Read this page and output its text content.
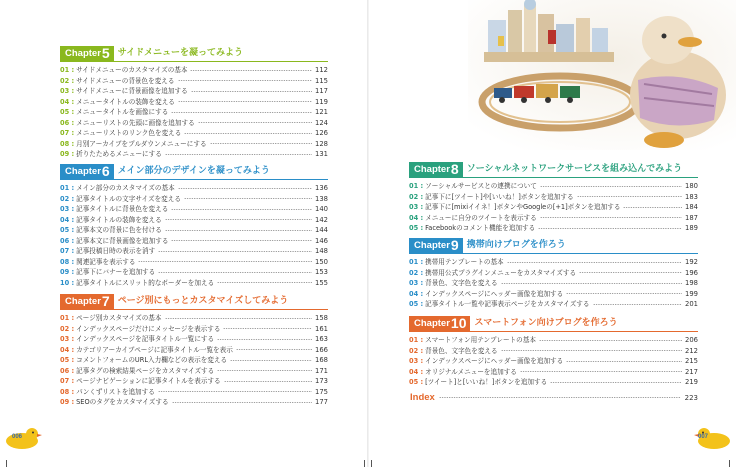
Chapter 5 サイドメニューを凝ってみよう
01 : サイドメニューのカスタマイズの基本	112
02 : サイドメニューの背景色を変える	115
03 : サイドメニューに背景画像を追加する	117
04 : メニュータイトルの装飾を変える	119
05 : メニュータイトルを画像にする	121
06 : メニューリストの先頭に画像を追加する	124
07 : メニューリストのリンク色を変える	126
08 : 月別アーカイブをプルダウンメニューにする	128
09 : 折りたためるメニューにする	131
Chapter 6 メイン部分のデザインを凝ってみよう
01 : メイン部分のカスタマイズの基本	136
02 : 記事タイトルの文字サイズを変える	138
03 : 記事タイトルに背景色を変える	140
04 : 記事タイトルの装飾を変える	142
05 : 記事本文の背景に色を付ける	144
06 : 記事本文に背景画像を追加する	146
07 : 記事投稿日時の表示を消す	148
08 : 関連記事を表示する	150
09 : 記事下にバナーを追加する	153
10 : 記事タイトルにスリット的なボーダーを加える	155
Chapter 7 ページ別にもっとカスタマイズしてみよう
01 : ページ別カスタマイズの基本	158
02 : インデックスページだけにメッセージを表示する	161
03 : インデックスページを記事タイトル一覧にする	163
04 : カテゴリアーカイブページに記事タイトル一覧を表示	166
05 : コメントフォームのURL入力欄などの表示を変える	168
06 : 記事タグの検索結果ページをカスタマイズする	171
07 : ページナビゲーションに記事タイトルを表示する	173
08 : パンくずリストを追加する	175
09 : SEOのタグをカスタマイズする	177
Chapter 8 ソーシャルネットワークサービスを組み込んでみよう
01 : ソーシャルサービスとの連携について	180
02 : 記事下に[ツイート]や[いいね！]ボタンを追加する	183
03 : 記事下に[mixiイイネ！]ボタンやGoogleの[+1]ボタンを追加する	184
04 : メニューに自分のツイートを表示する	187
05 : Facebookのコメント機能を追加する	189
Chapter 9 携帯向けブログを作ろう
01 : 携帯用テンプレートの基本	192
02 : 携帯用公式プラグインメニューをカスタマイズする	196
03 : 背景色、文字色を変える	198
04 : インデックスページにヘッダー画像を追加する	199
05 : 記事タイトル一覧や記事表示ページをカスタマイズする	201
Chapter 10 スマートフォン向けブログを作ろう
01 : スマートフォン用テンプレートの基本	206
02 : 背景色、文字色を変える	212
03 : インデックスページにヘッダー画像を追加する	215
04 : オリジナルメニューを追加する	217
05 : [ツイート]と[いいね！]ボタンを追加する	219
Index	223
006	007
